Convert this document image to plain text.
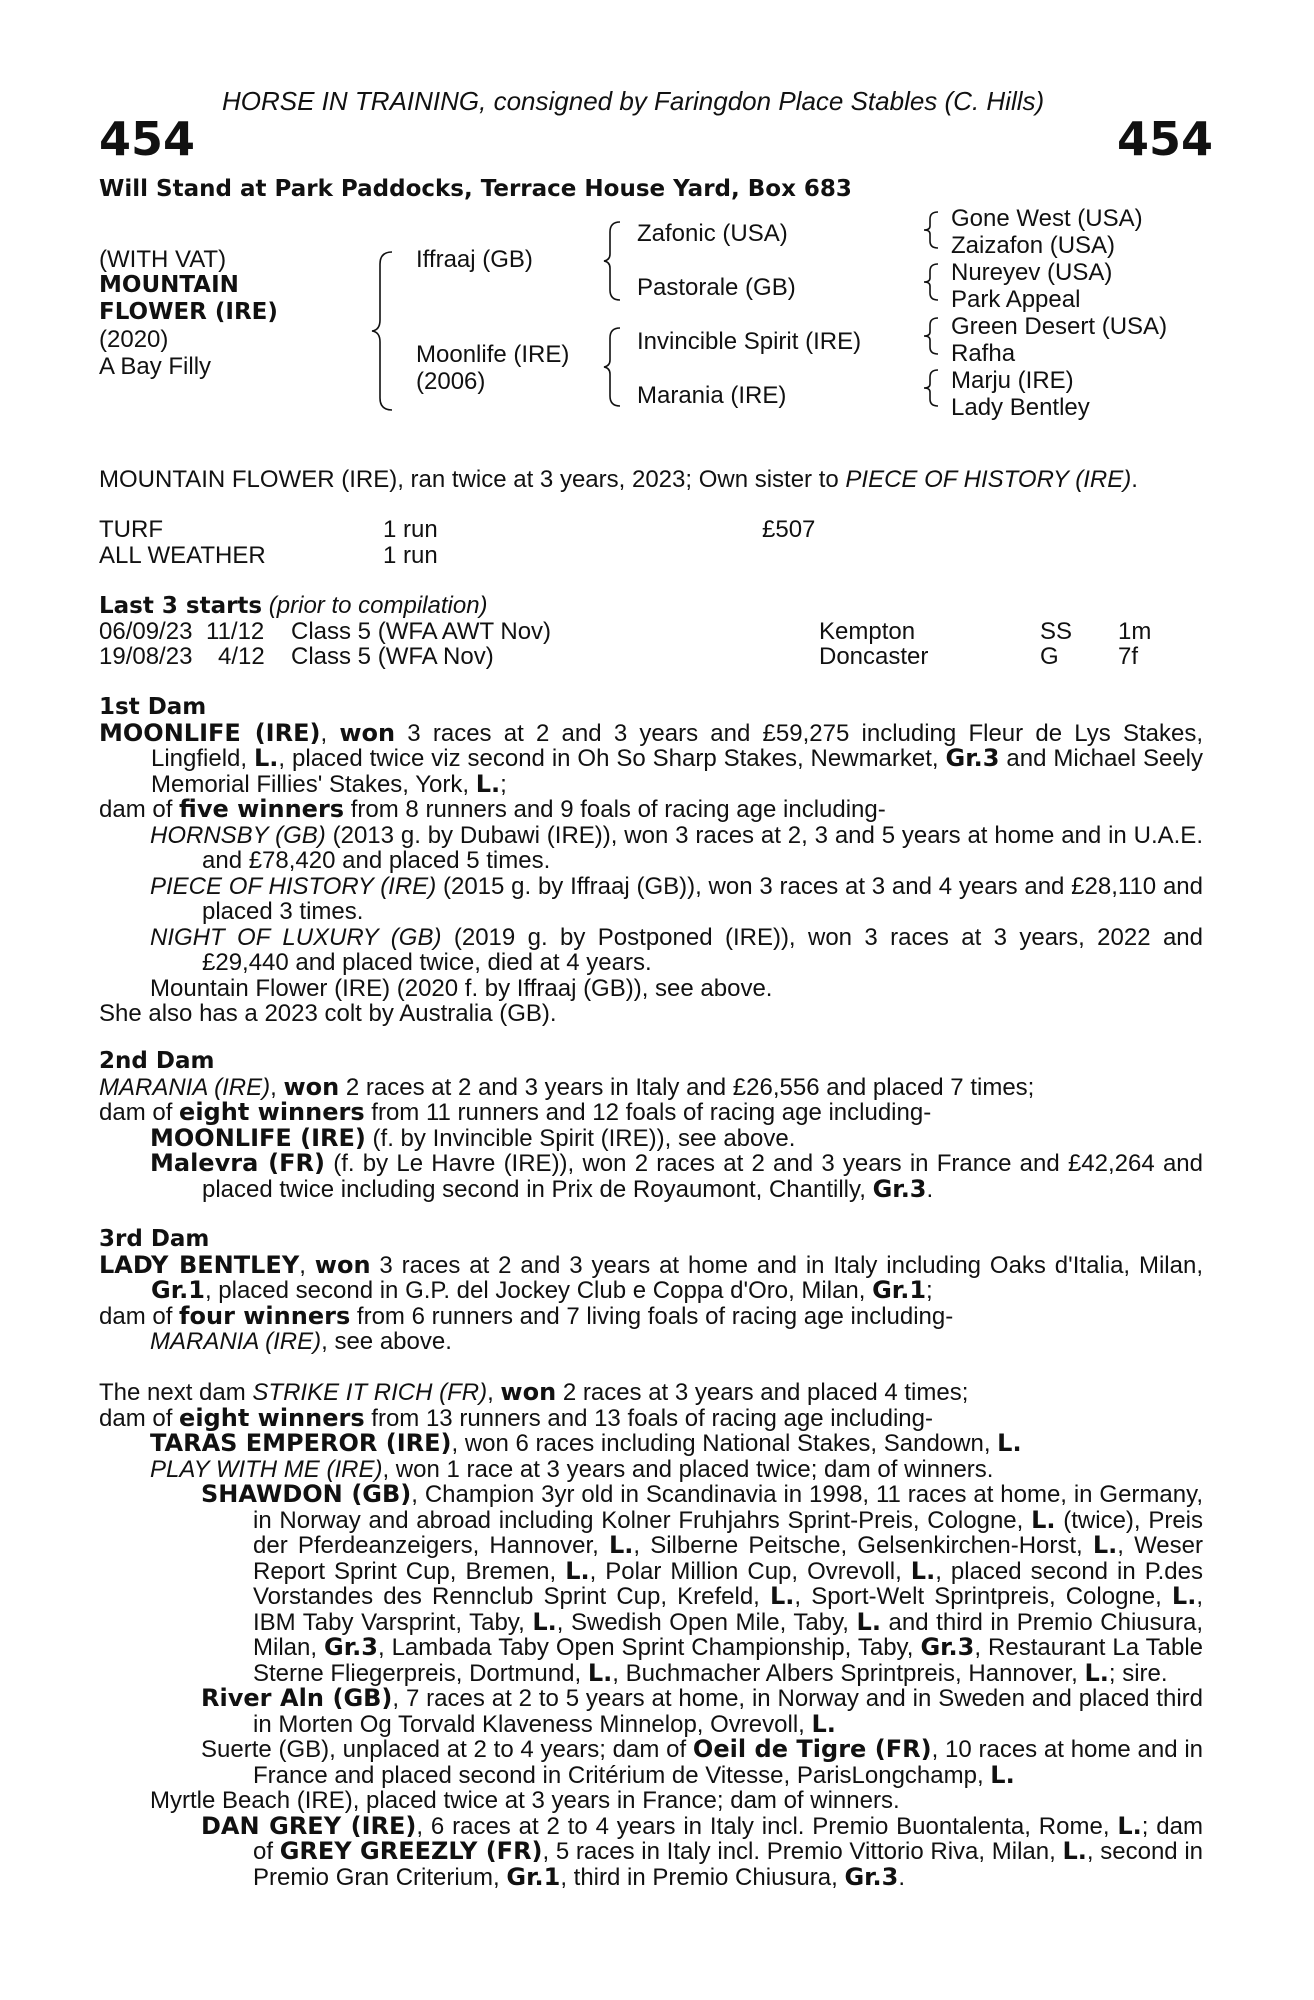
HORSE IN TRAINING, consigned by Faringdon Place Stables (C. Hills)
454	454
Will Stand at Park Paddocks, Terrace House Yard, Box 683
(WITH VAT)
MOUNTAIN
FLOWER (IRE)
(2020)
A Bay Filly
Iffraaj (GB)
Moonlife (IRE)
(2006)
Zafonic (USA)
Pastorale (GB)
Invincible Spirit (IRE)
Marania (IRE)
Gone West (USA)
Zaizafon (USA)
Nureyev (USA)
Park Appeal
Green Desert (USA)
Rafha
Marju (IRE)
Lady Bentley
MOUNTAIN FLOWER (IRE), ran twice at 3 years, 2023; Own sister to PIECE OF HISTORY (IRE).
TURF	1 run	£507
ALL WEATHER	1 run
Last 3 starts (prior to compilation)
06/09/23 11/12 Class 5 (WFA AWT Nov)	Kempton	SS 1m
19/08/23 4/12 Class 5 (WFA Nov)	Doncaster	G 7f

1st Dam

MOONLIFE (IRE), won 3 races at 2 and 3 years and £59,275 including Fleur de Lys Stakes, Lingfield, L., placed twice viz second in Oh So Sharp Stakes, Newmarket, Gr.3 and Michael Seely Memorial Fillies' Stakes, York, L.;

dam of five winners from 8 runners and 9 foals of racing age including-

HORNSBY (GB) (2013 g. by Dubawi (IRE)), won 3 races at 2, 3 and 5 years at home and in U.A.E. and £78,420 and placed 5 times.

PIECE OF HISTORY (IRE) (2015 g. by Iffraaj (GB)), won 3 races at 3 and 4 years and £28,110 and placed 3 times.

NIGHT OF LUXURY (GB) (2019 g. by Postponed (IRE)), won 3 races at 3 years, 2022 and £29,440 and placed twice, died at 4 years.

Mountain Flower (IRE) (2020 f. by Iffraaj (GB)), see above.

She also has a 2023 colt by Australia (GB).

2nd Dam

MARANIA (IRE), won 2 races at 2 and 3 years in Italy and £26,556 and placed 7 times;

dam of eight winners from 11 runners and 12 foals of racing age including-

MOONLIFE (IRE) (f. by Invincible Spirit (IRE)), see above.

Malevra (FR) (f. by Le Havre (IRE)), won 2 races at 2 and 3 years in France and £42,264 and placed twice including second in Prix de Royaumont, Chantilly, Gr.3.

3rd Dam

LADY BENTLEY, won 3 races at 2 and 3 years at home and in Italy including Oaks d'Italia, Milan, Gr.1, placed second in G.P. del Jockey Club e Coppa d'Oro, Milan, Gr.1;

dam of four winners from 6 runners and 7 living foals of racing age including-

MARANIA (IRE), see above.

The next dam STRIKE IT RICH (FR), won 2 races at 3 years and placed 4 times;

dam of eight winners from 13 runners and 13 foals of racing age including-

TARAS EMPEROR (IRE), won 6 races including National Stakes, Sandown, L.

PLAY WITH ME (IRE), won 1 race at 3 years and placed twice; dam of winners.

SHAWDON (GB), Champion 3yr old in Scandinavia in 1998, 11 races at home, in Germany, in Norway and abroad including Kolner Fruhjahrs Sprint-Preis, Cologne, L. (twice), Preis der Pferdeanzeigers, Hannover, L., Silberne Peitsche, Gelsenkirchen-Horst, L., Weser Report Sprint Cup, Bremen, L., Polar Million Cup, Ovrevoll, L., placed second in P.des Vorstandes des Rennclub Sprint Cup, Krefeld, L., Sport-Welt Sprintpreis, Cologne, L., IBM Taby Varsprint, Taby, L., Swedish Open Mile, Taby, L. and third in Premio Chiusura, Milan, Gr.3, Lambada Taby Open Sprint Championship, Taby, Gr.3, Restaurant La Table Sterne Fliegerpreis, Dortmund, L., Buchmacher Albers Sprintpreis, Hannover, L.; sire.

River Aln (GB), 7 races at 2 to 5 years at home, in Norway and in Sweden and placed third in Morten Og Torvald Klaveness Minnelop, Ovrevoll, L.

Suerte (GB), unplaced at 2 to 4 years; dam of Oeil de Tigre (FR), 10 races at home and in France and placed second in Critérium de Vitesse, ParisLongchamp, L.

Myrtle Beach (IRE), placed twice at 3 years in France; dam of winners.

DAN GREY (IRE), 6 races at 2 to 4 years in Italy incl. Premio Buontalenta, Rome, L.; dam of GREY GREEZLY (FR), 5 races in Italy incl. Premio Vittorio Riva, Milan, L., second in Premio Gran Criterium, Gr.1, third in Premio Chiusura, Gr.3.
